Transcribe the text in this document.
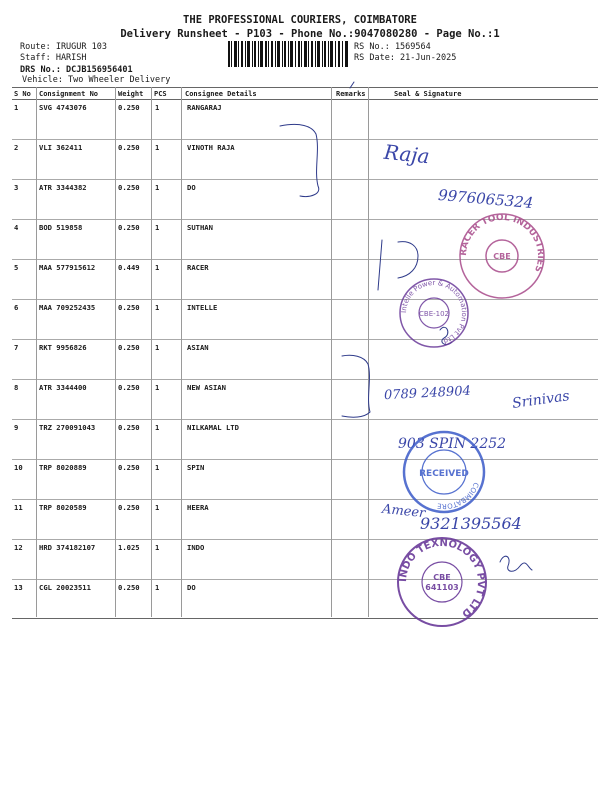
THE PROFESSIONAL COURIERS, COIMBATORE
Delivery Runsheet - P103 - Phone No.:9047080280 - Page No.:1
Route: IRUGUR 103
Staff: HARISH
DRS No.: DCJB156956401
Vehicle: Two Wheeler Delivery
RS No.: 1569564
RS Date: 21-Jun-2025
S No Consignment No	Weight PCS	Consignee Details	Remarks	Seal & Signature
1	SVG 4743076	0.250 1	RANGARAJ
2	VLI 362411	0.250 1	VINOTH RAJA
3	ATR 3344382	0.250 1	DO
4	BOD 519858	0.250 1	SUTHAN
5	MAA 577915612	0.449 1	RACER
6	MAA 709252435	0.250 1	INTELLE
7	RKT 9956826	0.250 1	ASIAN
8	ATR 3344400	0.250 1	NEW ASIAN
9	TRZ 270091043	0.250 1	NILKAMAL LTD
10 TRP 8020889	0.250 1	SPIN
11 TRP 8020589	0.250 1	HEERA
12 HRD 374182107	1.025 1	INDO
13 CGL 20023511	0.250 1	DO
Raja
9976065324
0789 248904	Srinivas
903 SPIN 2252
Ameer
9321395564
RACER TOOL INDUSTRIES
CBE
Intelle Power & Automation Pvt Ltd
CBE-102
RECEIVED
COIMBATORE
INDO TEXNOLOGY PVT LTD
CBE
641103
